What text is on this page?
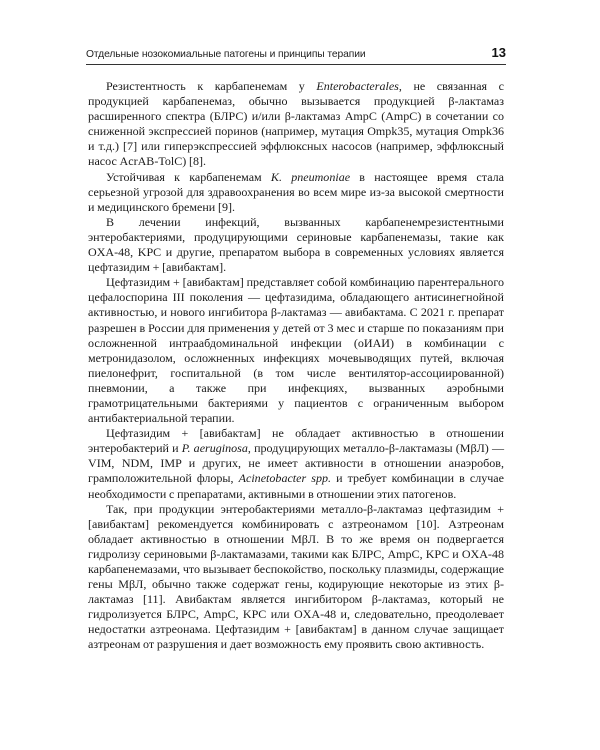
Отдельные нозокомиальные патогены и принципы терапии	13

Резистентность к карбапенемам у Enterobacterales, не связанная с продукцией карбапенемаз, обычно вызывается продукцией β-лактамаз расширенного спектра (БЛРС) и/или β-лактамаз AmpC (AmpC) в сочетании со сниженной экспрессией поринов (например, мутация Ompk35, мутация Ompk36 и т.д.) [7] или гиперэкспрессией эффлюксных насосов (например, эффлюксный насос AcrAB-TolC) [8].

Устойчивая к карбапенемам K. pneumoniae в настоящее время стала серьезной угрозой для здравоохранения во всем мире из-за высокой смертности и медицинского бремени [9].

В лечении инфекций, вызванных карбапенемрезистентными энтеробактериями, продуцирующими сериновые карбапенемазы, такие как OXA-48, KPC и другие, препаратом выбора в современных условиях является цефтазидим + [авибактам].

Цефтазидим + [авибактам] представляет собой комбинацию парентерального цефалоспорина III поколения — цефтазидима, обладающего антисинегнойной активностью, и нового ингибитора β-лактамаз — авибактама. С 2021 г. препарат разрешен в России для применения у детей от 3 мес и старше по показаниям при осложненной интраабдоминальной инфекции (оИАИ) в комбинации с метронидазолом, осложненных инфекциях мочевыводящих путей, включая пиелонефрит, госпитальной (в том числе вентилятор-ассоциированной) пневмонии, а также при инфекциях, вызванных аэробными грамотрицательными бактериями у пациентов с ограниченным выбором антибактериальной терапии.

Цефтазидим + [авибактам] не обладает активностью в отношении энтеробактерий и P. aeruginosa, продуцирующих металло-β-лактамазы (МβЛ) — VIM, NDM, IMP и других, не имеет активности в отношении анаэробов, грамположительной флоры, Acinetobacter spp. и требует комбинации в случае необходимости с препаратами, активными в отношении этих патогенов.

Так, при продукции энтеробактериями металло-β-лактамаз цефтазидим + [авибактам] рекомендуется комбинировать с азтреонамом [10]. Азтреонам обладает активностью в отношении МβЛ. В то же время он подвергается гидролизу сериновыми β-лактамазами, такими как БЛРС, AmpC, KPC и OXA-48 карбапенемазами, что вызывает беспокойство, поскольку плазмиды, содержащие гены МβЛ, обычно также содержат гены, кодирующие некоторые из этих β-лактамаз [11]. Авибактам является ингибитором β-лактамаз, который не гидролизуется БЛРС, AmpC, KPC или OXA-48 и, следовательно, преодолевает недостатки азтреонама. Цефтазидим + [авибактам] в данном случае защищает азтреонам от разрушения и дает возможность ему проявить свою активность.
